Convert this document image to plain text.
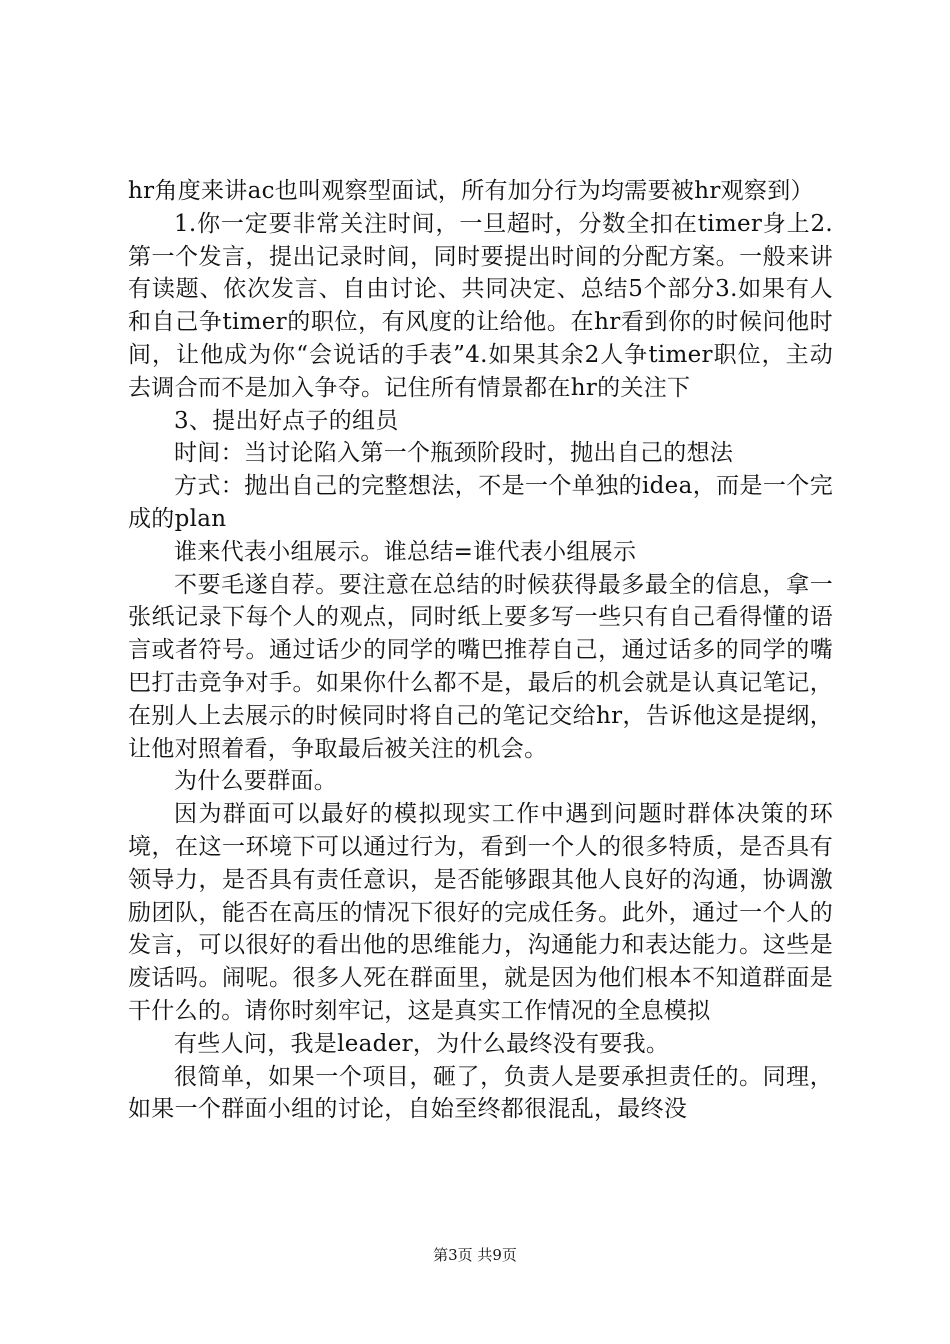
hr角度来讲ac也叫观察型面试，所有加分行为均需要被hr观察到）

1.你一定要非常关注时间，一旦超时，分数全扣在timer身上2.第一个发言，提出记录时间，同时要提出时间的分配方案。一般来讲有读题、依次发言、自由讨论、共同决定、总结5个部分3.如果有人和自己争timer的职位，有风度的让给他。在hr看到你的时候问他时间，让他成为你“会说话的手表”4.如果其余2人争timer职位，主动去调合而不是加入争夺。记住所有情景都在hr的关注下

3、提出好点子的组员

时间：当讨论陷入第一个瓶颈阶段时，抛出自己的想法

方式：抛出自己的完整想法，不是一个单独的idea，而是一个完成的plan

谁来代表小组展示。谁总结=谁代表小组展示

不要毛遂自荐。要注意在总结的时候获得最多最全的信息，拿一张纸记录下每个人的观点，同时纸上要多写一些只有自己看得懂的语言或者符号。通过话少的同学的嘴巴推荐自己，通过话多的同学的嘴巴打击竞争对手。如果你什么都不是，最后的机会就是认真记笔记，在别人上去展示的时候同时将自己的笔记交给hr，告诉他这是提纲，让他对照着看，争取最后被关注的机会。

为什么要群面。

因为群面可以最好的模拟现实工作中遇到问题时群体决策的环境，在这一环境下可以通过行为，看到一个人的很多特质，是否具有领导力，是否具有责任意识，是否能够跟其他人良好的沟通，协调激励团队，能否在高压的情况下很好的完成任务。此外，通过一个人的发言，可以很好的看出他的思维能力，沟通能力和表达能力。这些是废话吗。闹呢。很多人死在群面里，就是因为他们根本不知道群面是干什么的。请你时刻牢记，这是真实工作情况的全息模拟

有些人问，我是leader，为什么最终没有要我。

很简单，如果一个项目，砸了，负责人是要承担责任的。同理，如果一个群面小组的讨论，自始至终都很混乱，最终没

第3页 共9页
